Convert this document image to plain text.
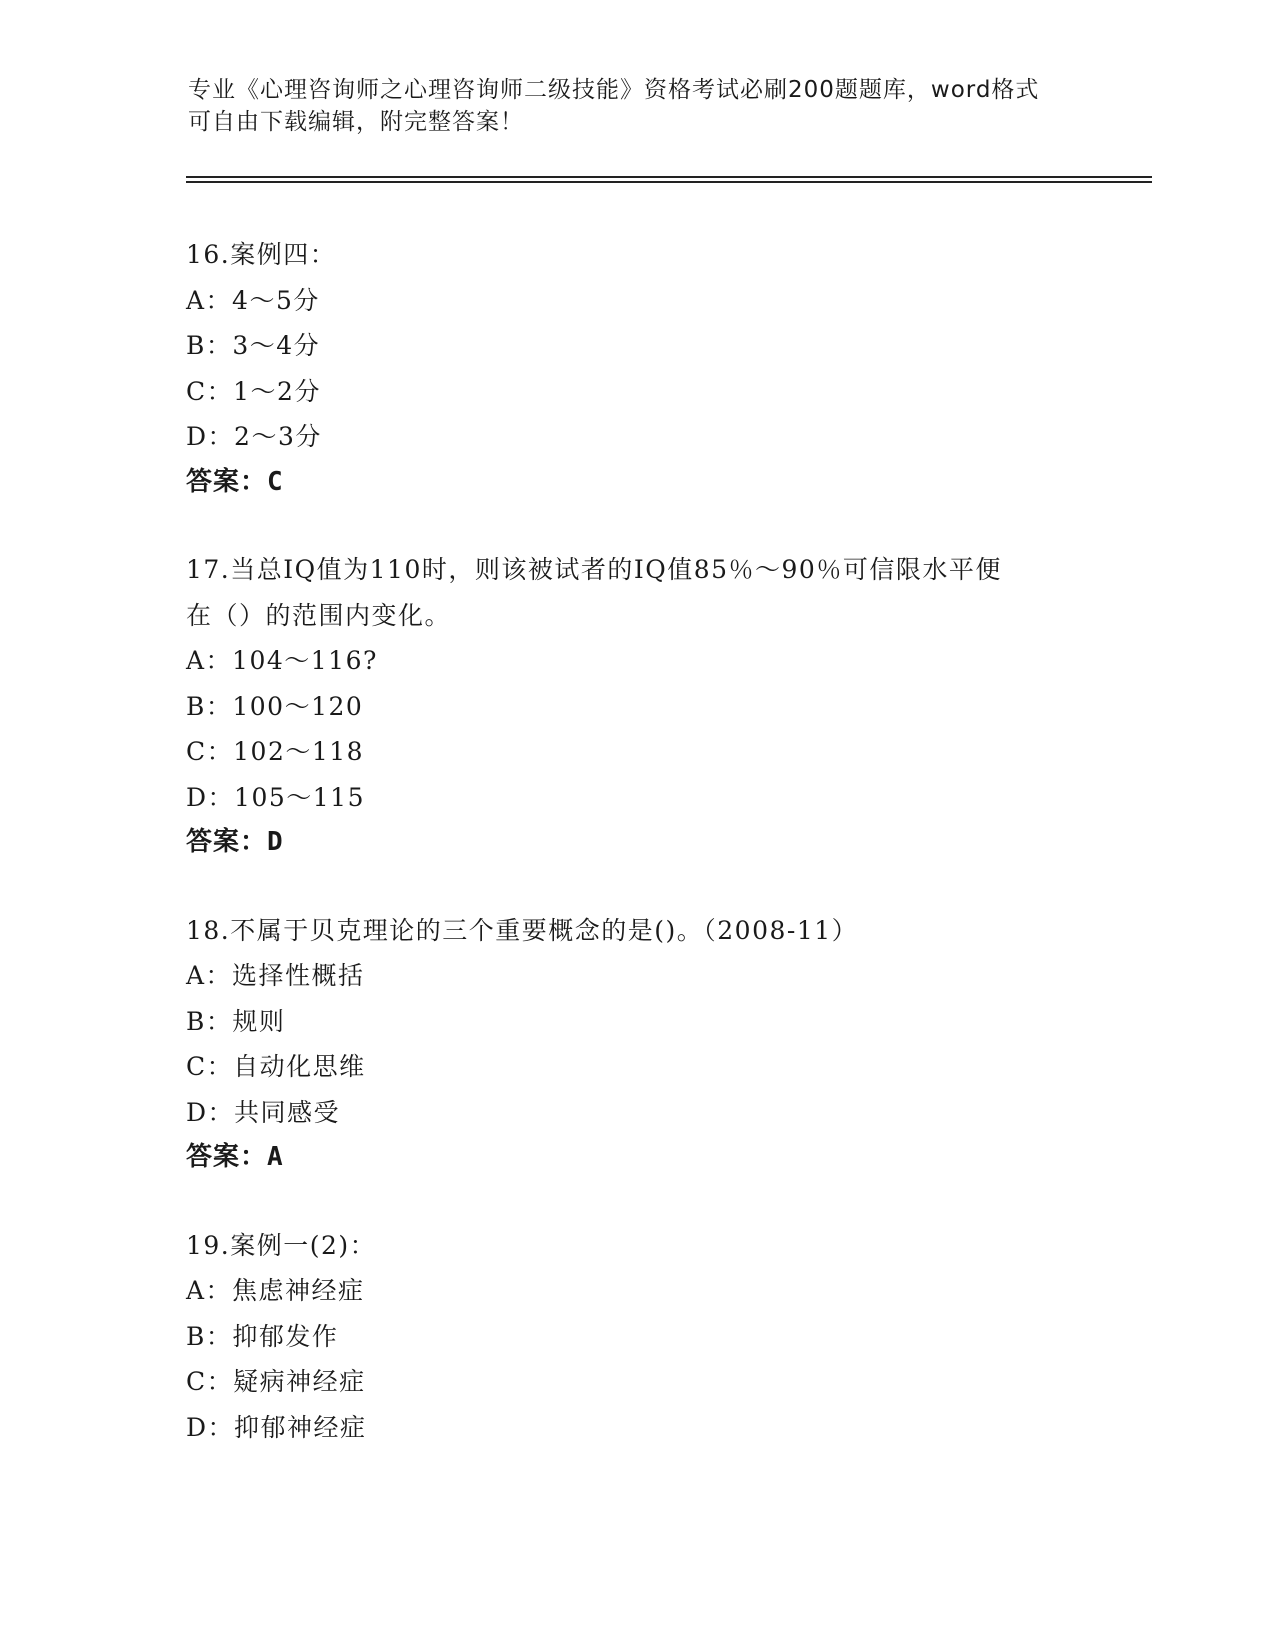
专业《心理咨询师之心理咨询师二级技能》资格考试必刷200题题库，word格式
可自由下载编辑，附完整答案！
16.案例四：
A：4～5分
B：3～4分
C：1～2分
D：2～3分
答案：C
17.当总IQ值为110时，则该被试者的IQ值85％～90％可信限水平便
在（）的范围内变化。
A：104～116?
B：100～120
C：102～118
D：105～115
答案：D
18.不属于贝克理论的三个重要概念的是()。（2008-11）
A：选择性概括
B：规则
C：自动化思维
D：共同感受
答案：A
19.案例一(2)：
A：焦虑神经症
B：抑郁发作
C：疑病神经症
D：抑郁神经症
